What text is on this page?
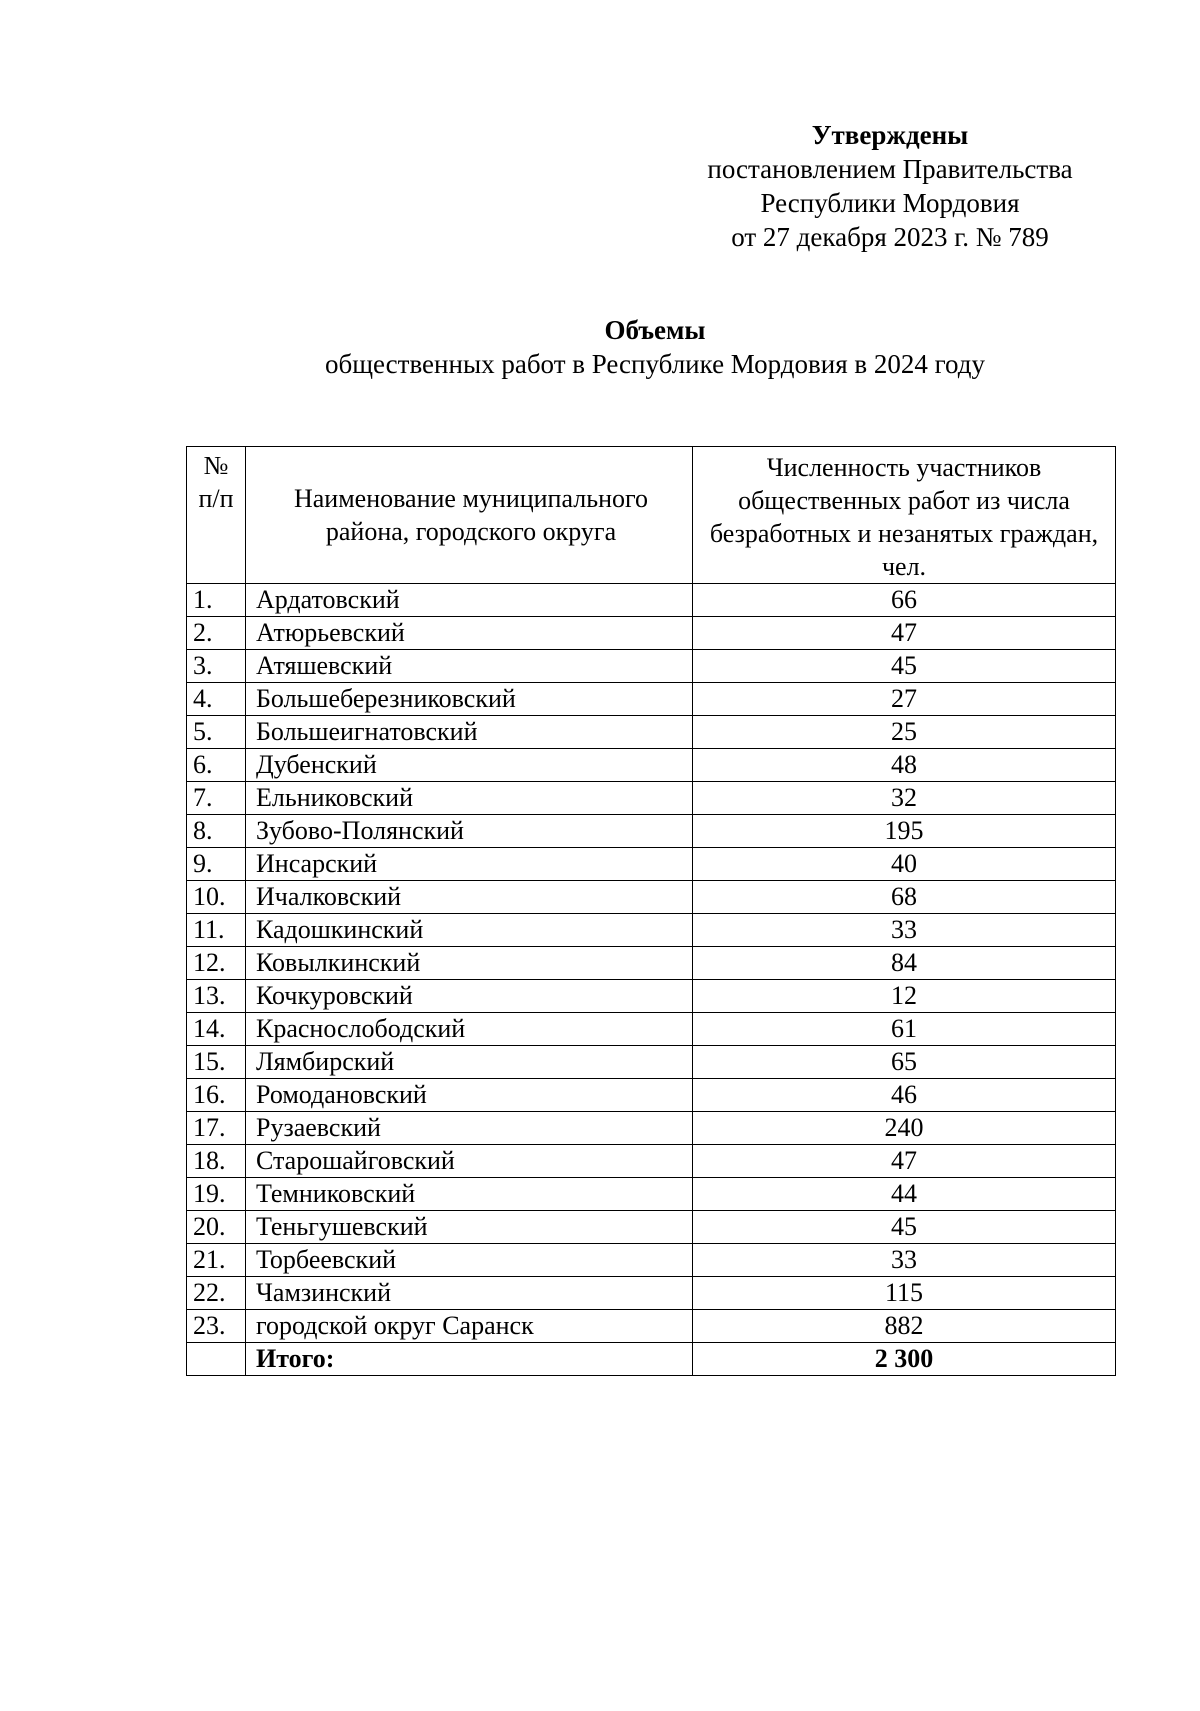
Утверждены
постановлением Правительства
Республики Мордовия
от 27 декабря 2023 г. № 789
Объемы
общественных работ в Республике Мордовия в 2024 году
№ п/п	Наименование муниципального района, городского округа	Численность участников общественных работ из числа безработных и незанятых граждан, чел.
1.	Ардатовский	66
2.	Атюрьевский	47
3.	Атяшевский	45
4.	Большеберезниковский	27
5.	Большеигнатовский	25
6.	Дубенский	48
7.	Ельниковский	32
8.	Зубово-Полянский	195
9.	Инсарский	40
10.	Ичалковский	68
11.	Кадошкинский	33
12.	Ковылкинский	84
13.	Кочкуровский	12
14.	Краснослободский	61
15.	Лямбирский	65
16.	Ромодановский	46
17.	Рузаевский	240
18.	Старошайговский	47
19.	Темниковский	44
20.	Теньгушевский	45
21.	Торбеевский	33
22.	Чамзинский	115
23.	городской округ Саранск	882
	Итого:	2 300
